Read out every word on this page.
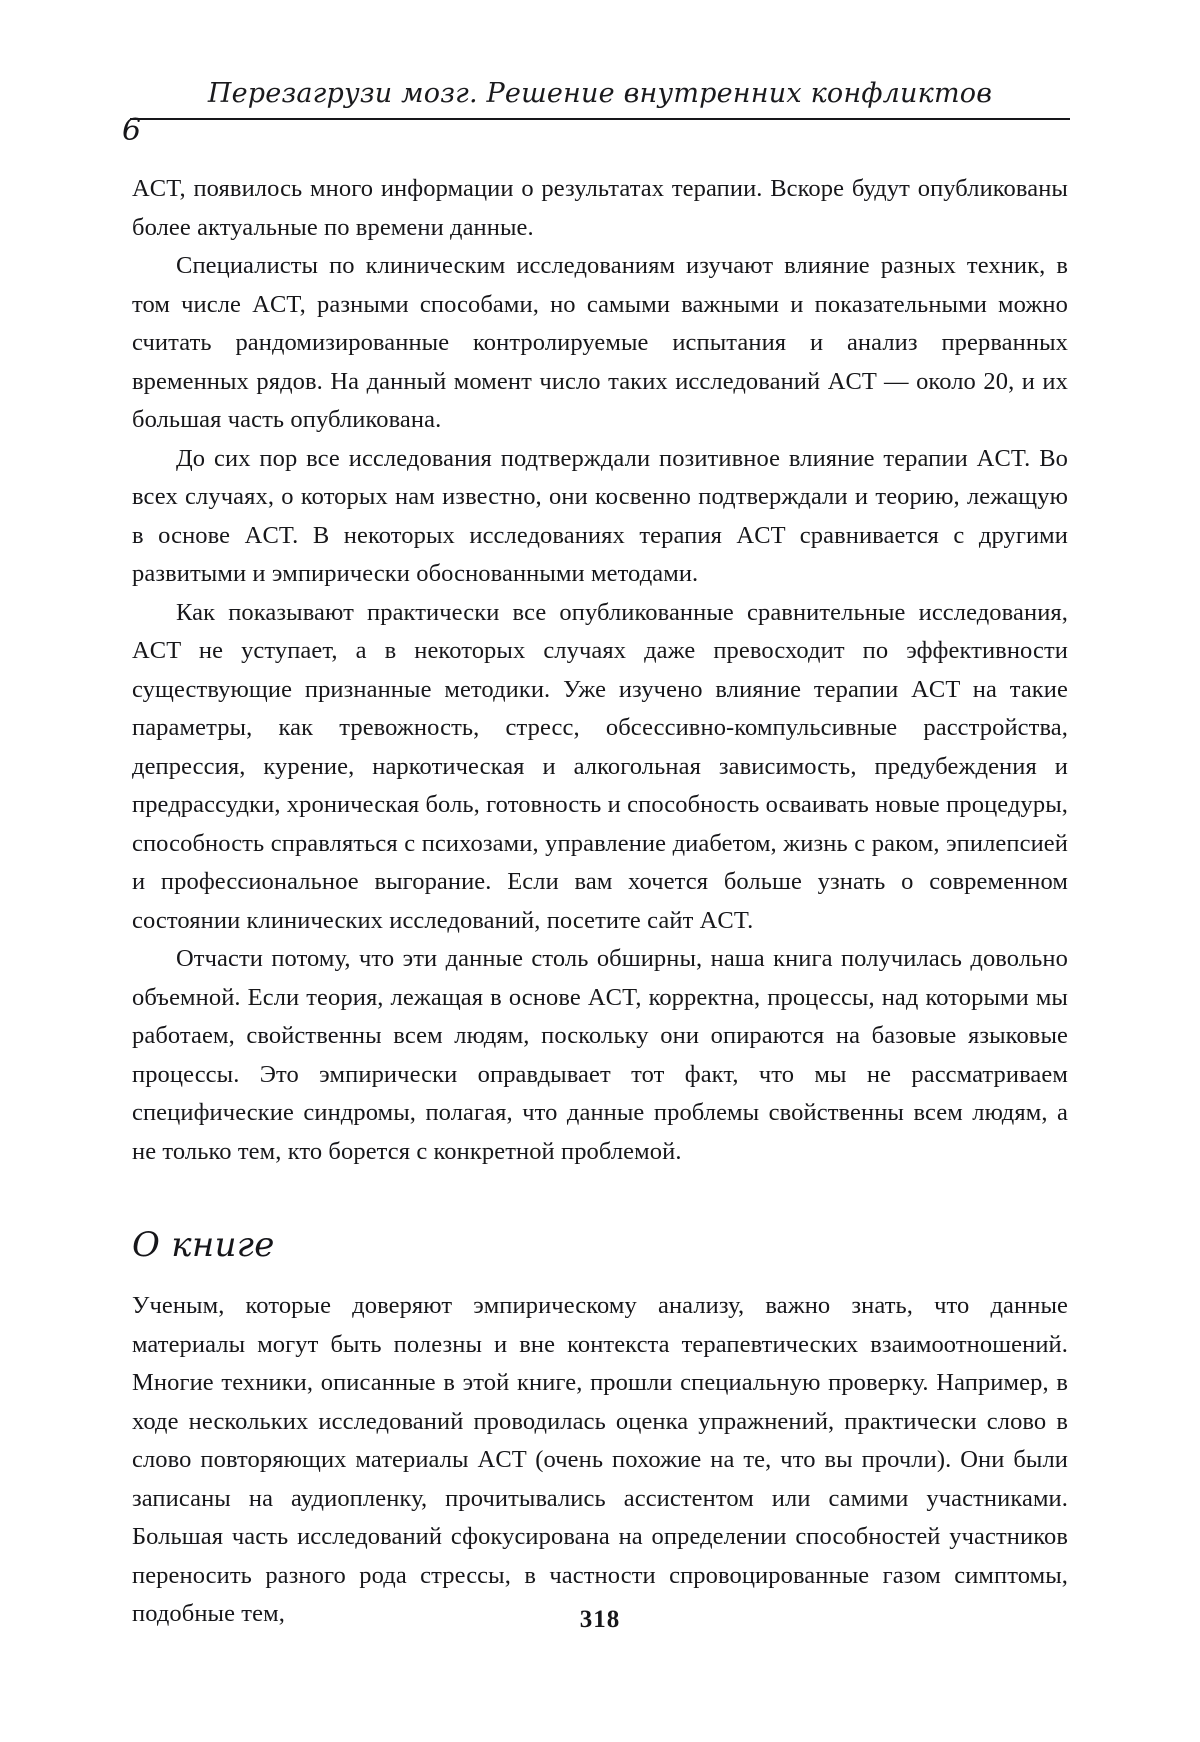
Перезагрузи мозг. Решение внутренних конфликтов
6

ACT, появилось много информации о результатах терапии. Вскоре будут опубликованы более актуальные по времени данные.

Специалисты по клиническим исследованиям изучают влияние разных техник, в том числе ACT, разными способами, но самыми важными и показательными можно считать рандомизированные контролируемые испытания и анализ прерванных временных рядов. На данный момент число таких исследований ACT — около 20, и их большая часть опубликована.

До сих пор все исследования подтверждали позитивное влияние терапии ACT. Во всех случаях, о которых нам известно, они косвенно подтверждали и теорию, лежащую в основе ACT. В некоторых исследованиях терапия ACT сравнивается с другими развитыми и эмпирически обоснованными методами.

Как показывают практически все опубликованные сравнительные исследования, ACT не уступает, а в некоторых случаях даже превосходит по эффективности существующие признанные методики. Уже изучено влияние терапии ACT на такие параметры, как тревожность, стресс, обсессивно-компульсивные расстройства, депрессия, курение, наркотическая и алкогольная зависимость, предубеждения и предрассудки, хроническая боль, готовность и способность осваивать новые процедуры, способность справляться с психозами, управление диабетом, жизнь с раком, эпилепсией и профессиональное выгорание. Если вам хочется больше узнать о современном состоянии клинических исследований, посетите сайт ACT.

Отчасти потому, что эти данные столь обширны, наша книга получилась довольно объемной. Если теория, лежащая в основе ACT, корректна, процессы, над которыми мы работаем, свойственны всем людям, поскольку они опираются на базовые языковые процессы. Это эмпирически оправдывает тот факт, что мы не рассматриваем специфические синдромы, полагая, что данные проблемы свойственны всем людям, а не только тем, кто борется с конкретной проблемой.

О книге

Ученым, которые доверяют эмпирическому анализу, важно знать, что данные материалы могут быть полезны и вне контекста терапевтических взаимоотношений. Многие техники, описанные в этой книге, прошли специальную проверку. Например, в ходе нескольких исследований проводилась оценка упражнений, практически слово в слово повторяющих материалы ACT (очень похожие на те, что вы прочли). Они были записаны на аудиопленку, прочитывались ассистентом или самими участниками. Большая часть исследований сфокусирована на определении способностей участников переносить разного рода стрессы, в частности спровоцированные газом симптомы, подобные тем,	318
